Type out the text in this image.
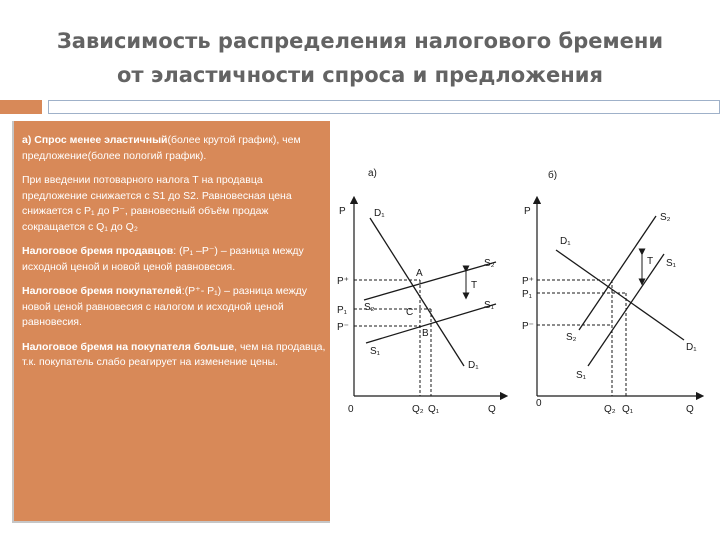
Зависимость распределения налогового бремени
от эластичности спроса и предложения

а) Спрос менее эластичный(более крутой график), чем предложение(более пологий график).

При введении потоварного налога Т на продавца предложение снижается с S1 до S2. Равновесная цена снижается с Р₁ до Р⁻, равновесный объём продаж сокращается с Q₁ до Q₂

Налоговое бремя продавцов: (Р₁ –Р⁻) – разница между исходной ценой и новой ценой равновесия.

Налоговое бремя покупателей:(Р⁺- Р₁) – разница между новой ценой равновесия с налогом и исходной ценой равновесия.

Налоговое бремя на покупателя больше, чем на продавца, т.к. покупатель слабо реагирует на изменение цены.

а)
P
Q
0
T
P⁺
P₁
P⁻
D₁
D₁
S₂
S₂	S₁
S₁
A
B
C
Q₂ Q₁
б)
P
Q
0
T
P⁺
P₁
P⁻
D₁
D₁
S₂
S₂
S₁
S₁
Q₂ Q₁
